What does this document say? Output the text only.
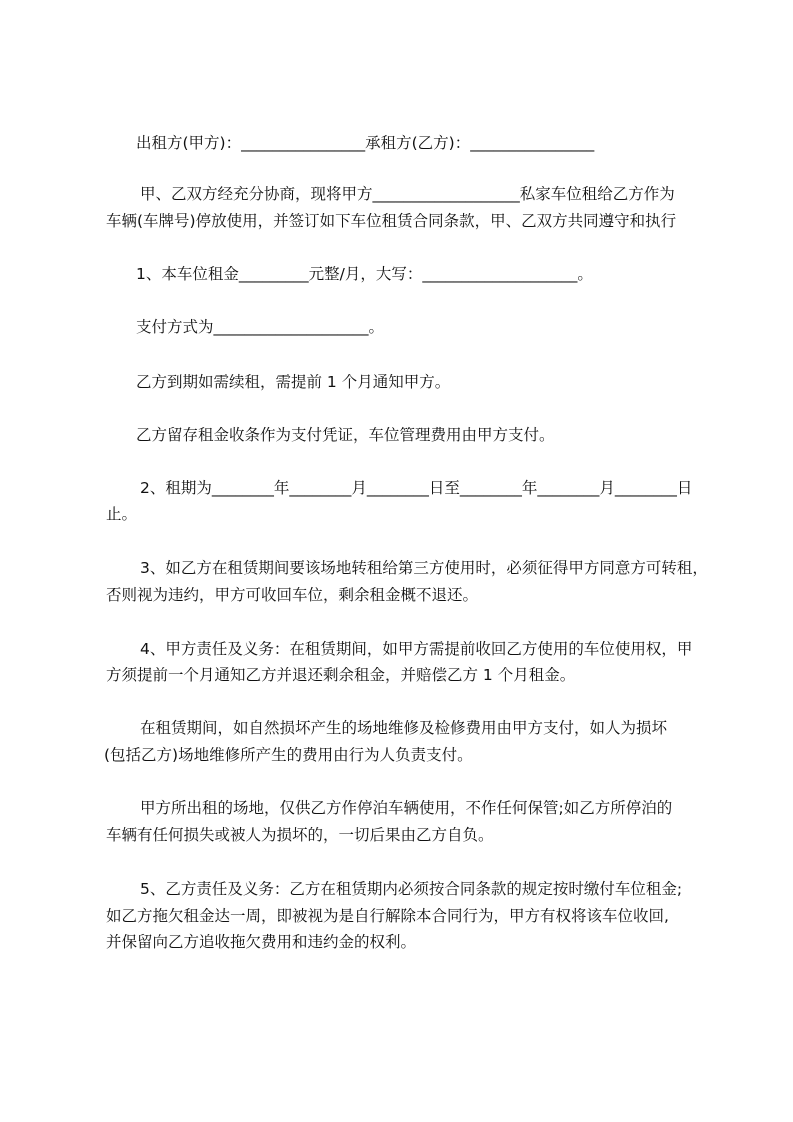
出租方(甲方)：________________承租方(乙方)：________________
甲、乙双方经充分协商，现将甲方___________________私家车位租给乙方作为
车辆(车牌号)停放使用，并签订如下车位租赁合同条款，甲、乙双方共同遵守和执行
1、本车位租金_________元整/月，大写：____________________。
支付方式为____________________。
乙方到期如需续租，需提前 1 个月通知甲方。
乙方留存租金收条作为支付凭证，车位管理费用由甲方支付。
2、租期为________年________月________日至________年________月________日
止。
3、如乙方在租赁期间要该场地转租给第三方使用时，必须征得甲方同意方可转租，
否则视为违约，甲方可收回车位，剩余租金概不退还。
4、甲方责任及义务：在租赁期间，如甲方需提前收回乙方使用的车位使用权，甲
方须提前一个月通知乙方并退还剩余租金，并赔偿乙方 1 个月租金。
在租赁期间，如自然损坏产生的场地维修及检修费用由甲方支付，如人为损坏
(包括乙方)场地维修所产生的费用由行为人负责支付。
甲方所出租的场地，仅供乙方作停泊车辆使用，不作任何保管;如乙方所停泊的
车辆有任何损失或被人为损坏的，一切后果由乙方自负。
5、乙方责任及义务：乙方在租赁期内必须按合同条款的规定按时缴付车位租金;
如乙方拖欠租金达一周，即被视为是自行解除本合同行为，甲方有权将该车位收回,
并保留向乙方追收拖欠费用和违约金的权利。
